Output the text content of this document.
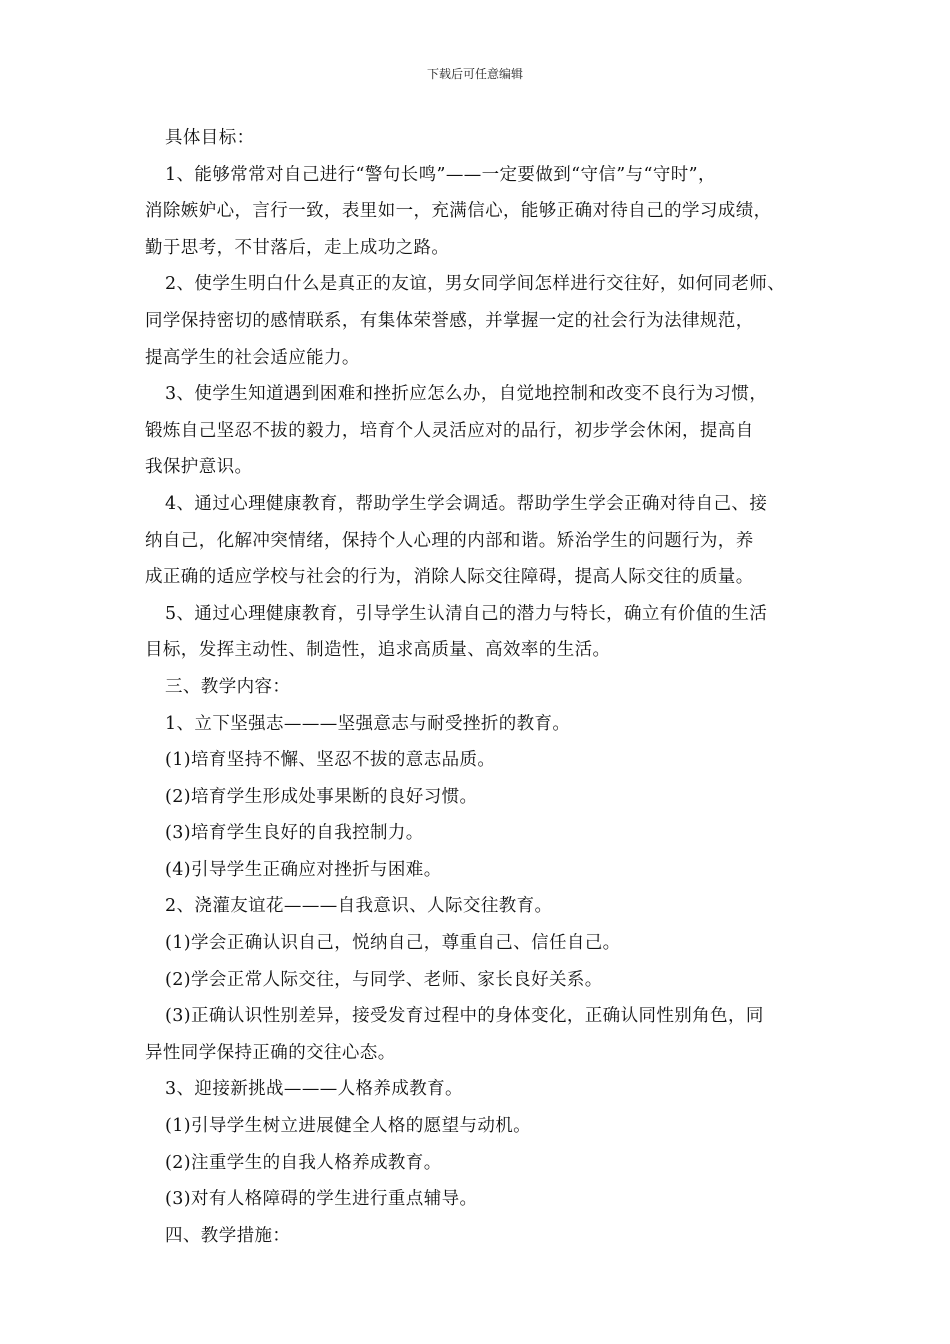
下载后可任意编辑

具体目标：

1、能够常常对自己进行“警句长鸣”——一定要做到“守信”与“守时”，

消除嫉妒心，言行一致，表里如一，充满信心，能够正确对待自己的学习成绩，

勤于思考，不甘落后，走上成功之路。

2、使学生明白什么是真正的友谊，男女同学间怎样进行交往好，如何同老师、

同学保持密切的感情联系，有集体荣誉感，并掌握一定的社会行为法律规范，

提高学生的社会适应能力。

3、使学生知道遇到困难和挫折应怎么办，自觉地控制和改变不良行为习惯，

锻炼自己坚忍不拔的毅力，培育个人灵活应对的品行，初步学会休闲，提高自

我保护意识。

4、通过心理健康教育，帮助学生学会调适。帮助学生学会正确对待自己、接

纳自己，化解冲突情绪，保持个人心理的内部和谐。矫治学生的问题行为，养

成正确的适应学校与社会的行为，消除人际交往障碍，提高人际交往的质量。

5、通过心理健康教育，引导学生认清自己的潜力与特长，确立有价值的生活

目标，发挥主动性、制造性，追求高质量、高效率的生活。

三、教学内容：

1、立下坚强志———坚强意志与耐受挫折的教育。

(1)培育坚持不懈、坚忍不拔的意志品质。

(2)培育学生形成处事果断的良好习惯。

(3)培育学生良好的自我控制力。

(4)引导学生正确应对挫折与困难。

2、浇灌友谊花———自我意识、人际交往教育。

(1)学会正确认识自己，悦纳自己，尊重自己、信任自己。

(2)学会正常人际交往，与同学、老师、家长良好关系。

(3)正确认识性别差异，接受发育过程中的身体变化，正确认同性别角色，同

异性同学保持正确的交往心态。

3、迎接新挑战———人格养成教育。

(1)引导学生树立进展健全人格的愿望与动机。

(2)注重学生的自我人格养成教育。

(3)对有人格障碍的学生进行重点辅导。

四、教学措施：
